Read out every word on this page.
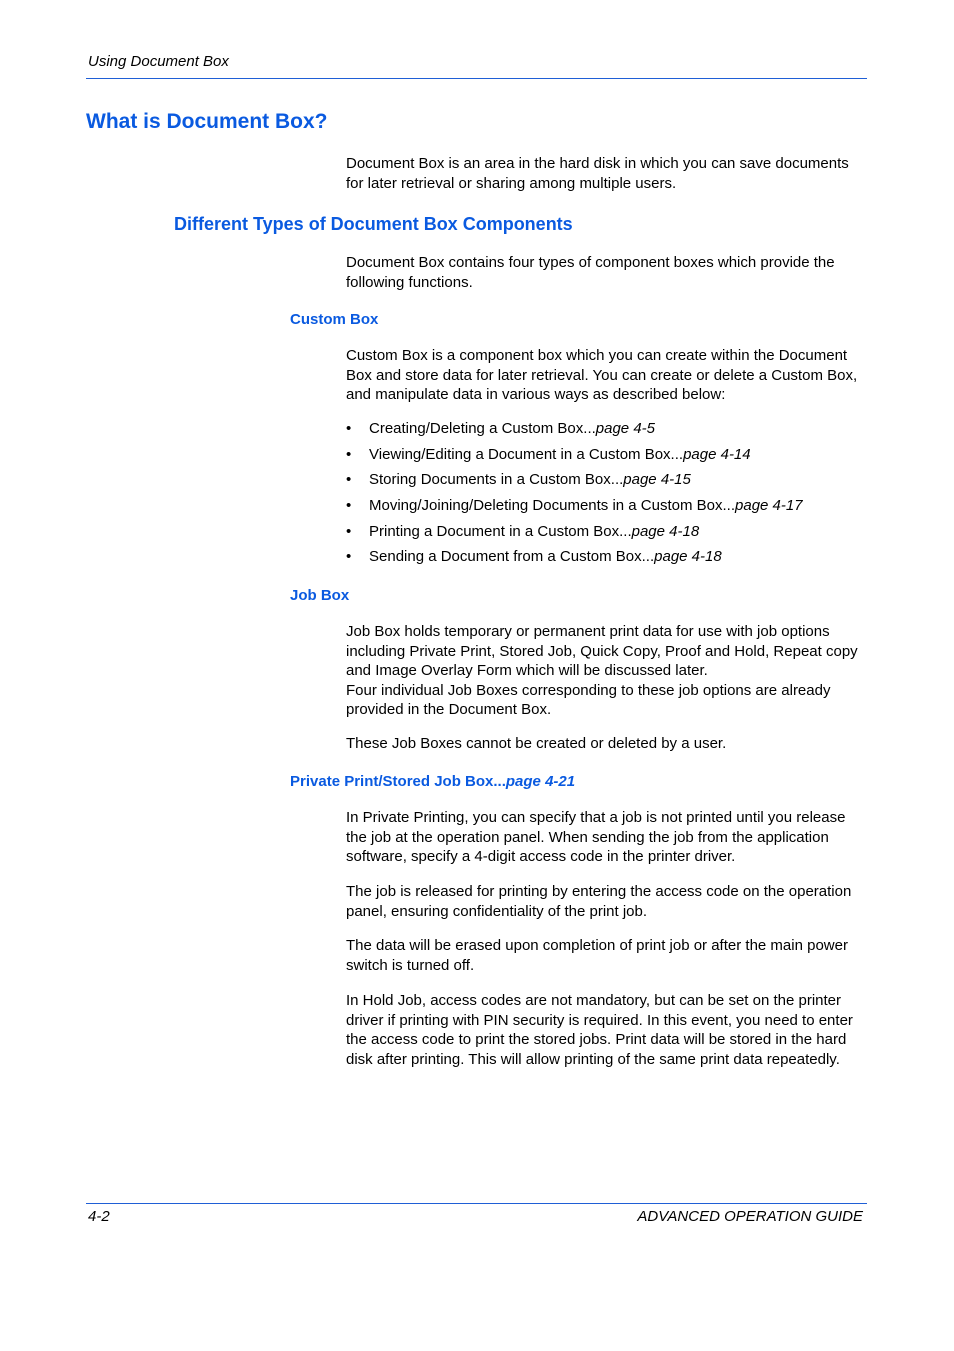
Using Document Box
What is Document Box?
Document Box is an area in the hard disk in which you can save documents for later retrieval or sharing among multiple users.
Different Types of Document Box Components
Document Box contains four types of component boxes which provide the following functions.
Custom Box
Custom Box is a component box which you can create within the Document Box and store data for later retrieval. You can create or delete a Custom Box, and manipulate data in various ways as described below:
• Creating/Deleting a Custom Box...page 4-5
• Viewing/Editing a Document in a Custom Box...page 4-14
• Storing Documents in a Custom Box...page 4-15
• Moving/Joining/Deleting Documents in a Custom Box...page 4-17
• Printing a Document in a Custom Box...page 4-18
• Sending a Document from a Custom Box...page 4-18
Job Box
Job Box holds temporary or permanent print data for use with job options including Private Print, Stored Job, Quick Copy, Proof and Hold, Repeat copy and Image Overlay Form which will be discussed later.
Four individual Job Boxes corresponding to these job options are already provided in the Document Box.
These Job Boxes cannot be created or deleted by a user.
Private Print/Stored Job Box...page 4-21
In Private Printing, you can specify that a job is not printed until you release the job at the operation panel. When sending the job from the application software, specify a 4-digit access code in the printer driver.
The job is released for printing by entering the access code on the operation panel, ensuring confidentiality of the print job.
The data will be erased upon completion of print job or after the main power switch is turned off.
In Hold Job, access codes are not mandatory, but can be set on the printer driver if printing with PIN security is required. In this event, you need to enter the access code to print the stored jobs. Print data will be stored in the hard disk after printing. This will allow printing of the same print data repeatedly.
4-2	ADVANCED OPERATION GUIDE
